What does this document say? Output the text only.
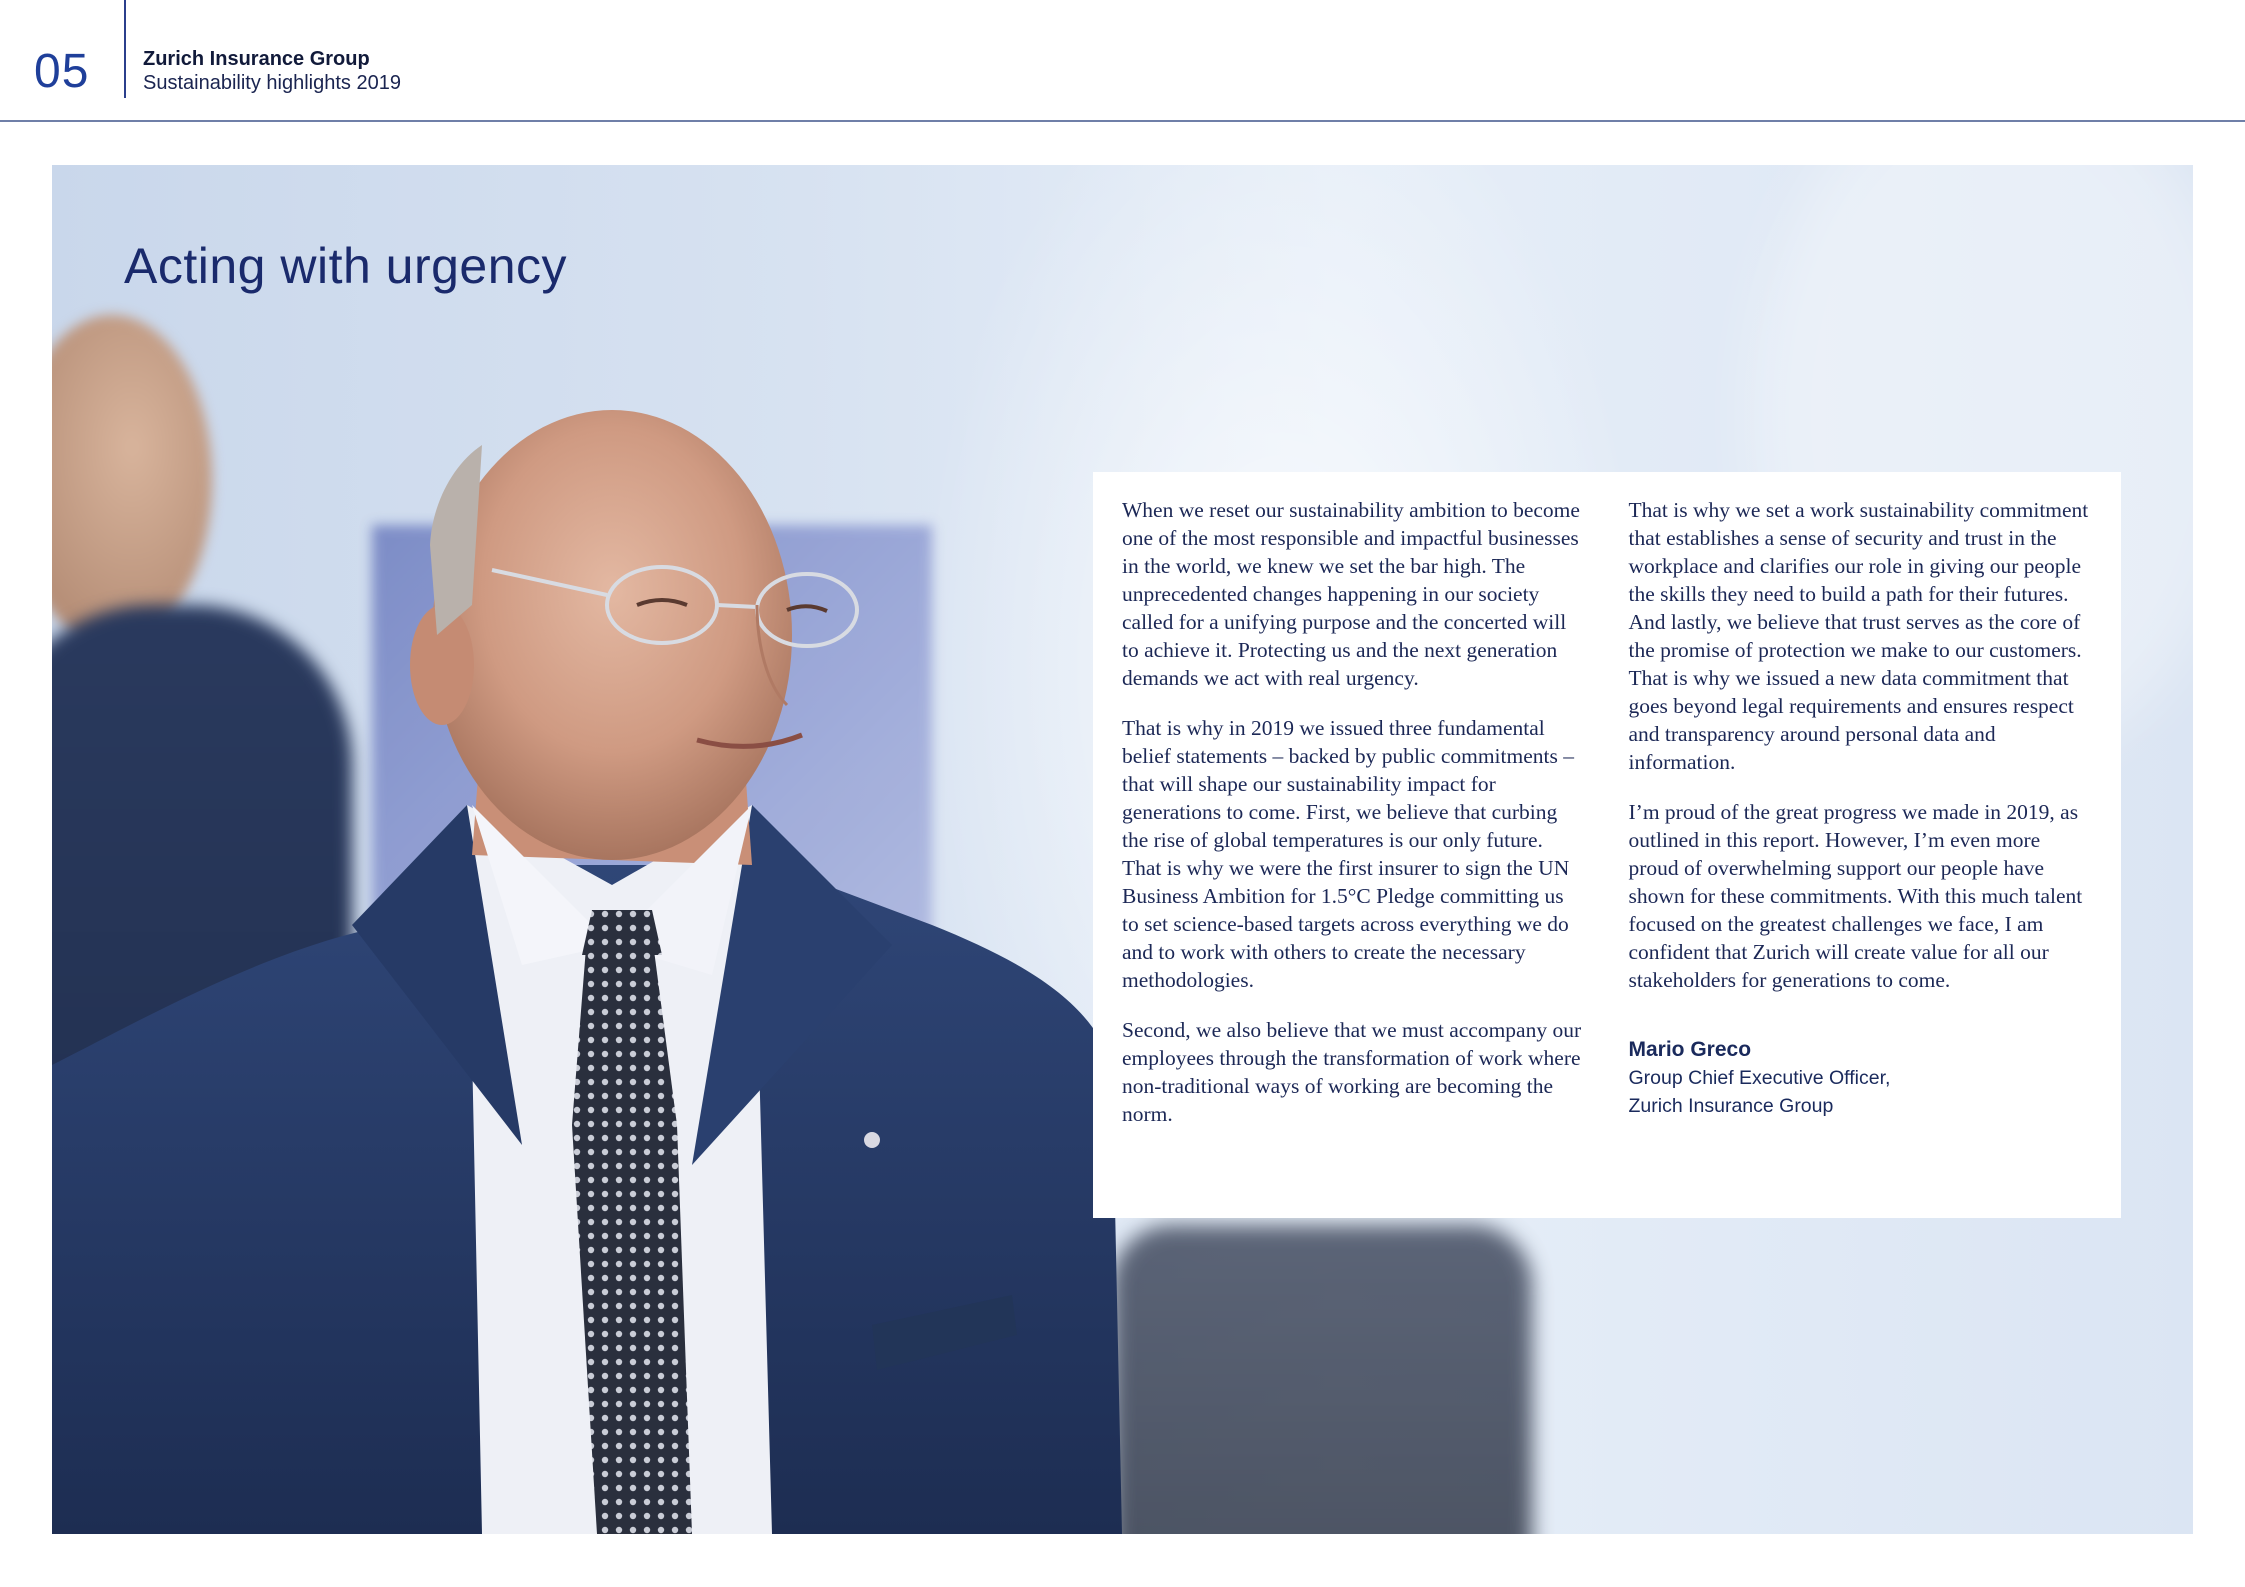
05	Zurich Insurance Group
Sustainability highlights 2019
Acting with urgency

When we reset our sustainability ambition to become one of the most responsible and impactful businesses in the world, we knew we set the bar high. The unprecedented changes happening in our society called for a unifying purpose and the concerted will to achieve it. Protecting us and the next generation demands we act with real urgency.

That is why in 2019 we issued three fundamental belief statements – backed by public commitments – that will shape our sustainability impact for generations to come. First, we believe that curbing the rise of global temperatures is our only future. That is why we were the first insurer to sign the UN Business Ambition for 1.5°C Pledge committing us to set science-based targets across everything we do and to work with others to create the necessary methodologies.

Second, we also believe that we must accompany our employees through the transformation of work where non-traditional ways of working are becoming the norm.

That is why we set a work sustainability commitment that establishes a sense of security and trust in the workplace and clarifies our role in giving our people the skills they need to build a path for their futures. And lastly, we believe that trust serves as the core of the promise of protection we make to our customers. That is why we issued a new data commitment that goes beyond legal requirements and ensures respect and transparency around personal data and information.

I’m proud of the great progress we made in 2019, as outlined in this report. However, I’m even more proud of overwhelming support our people have shown for these commitments. With this much talent focused on the greatest challenges we face, I am confident that Zurich will create value for all our stakeholders for generations to come.

Mario Greco
Group Chief Executive Officer,
Zurich Insurance Group
